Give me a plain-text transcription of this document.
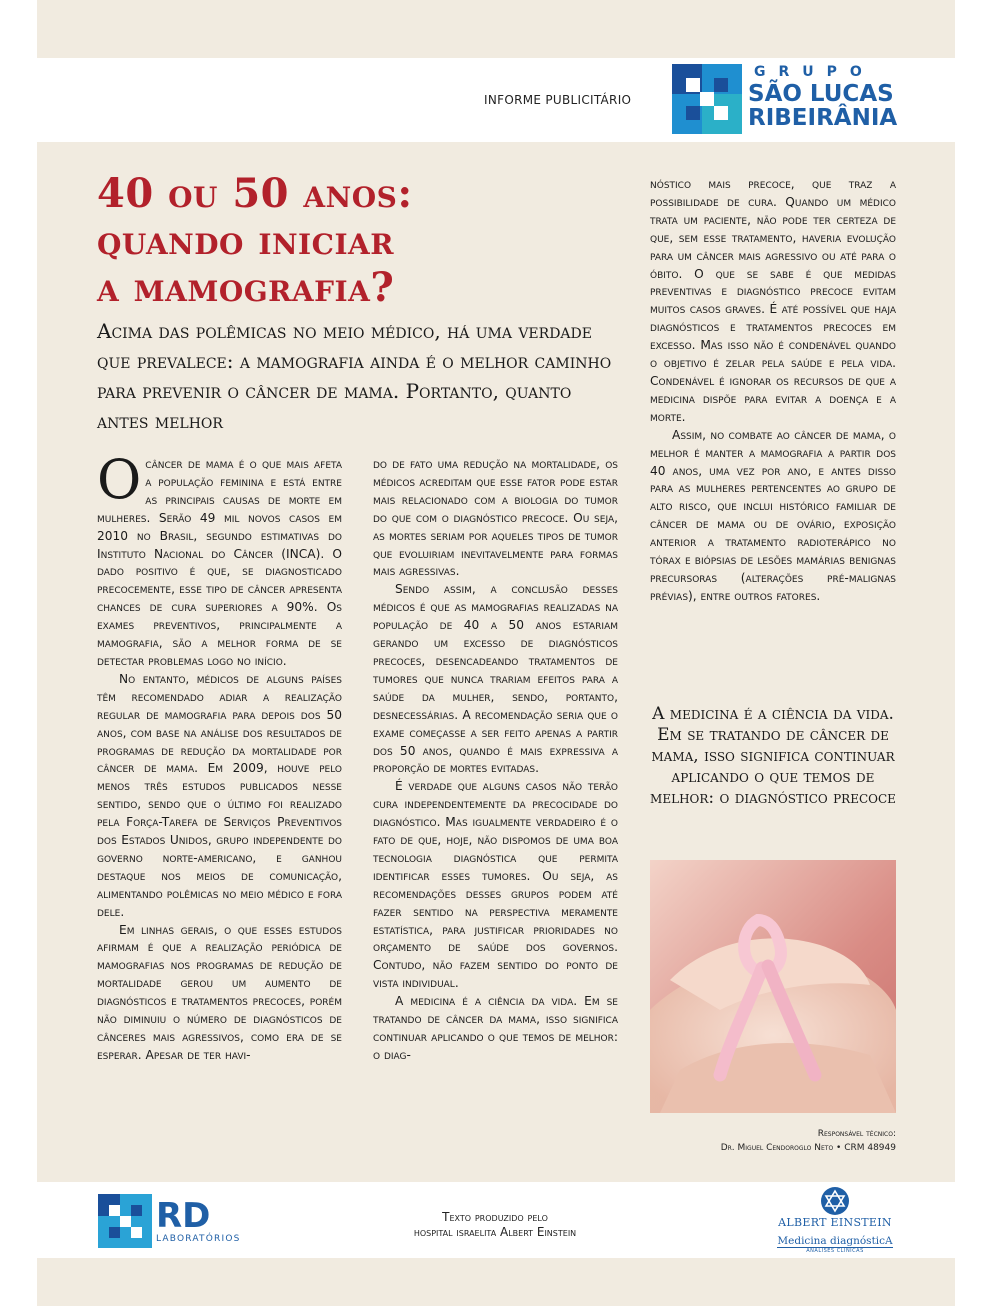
INFORME PUBLICITÁRIO
GRUPO
SÃO LUCAS
RIBEIRÂNIA
40 ou 50 anos:
quando iniciar
a mamografia?
Acima das polêmicas no meio médico, há uma verdade que prevalece: a mamografia ainda é o melhor caminho para prevenir o câncer de mama. Portanto, quanto antes melhor

Ocâncer de mama é o que mais afeta a população feminina e está entre as principais causas de morte em mulheres. Serão 49 mil novos casos em 2010 no Brasil, segundo estimativas do Instituto Nacional do Câncer (INCA). O dado positivo é que, se diagnosticado precocemente, esse tipo de câncer apresenta chances de cura superiores a 90%. Os exames preventivos, principalmente a mamografia, são a melhor forma de se detectar problemas logo no início.

No entanto, médicos de alguns países têm recomendado adiar a realização regular de mamografia para depois dos 50 anos, com base na análise dos resultados de programas de redução da mortalidade por câncer de mama. Em 2009, houve pelo menos três estudos publicados nesse sentido, sendo que o último foi realizado pela Força-Tarefa de Serviços Preventivos dos Estados Unidos, grupo independente do governo norte-americano, e ganhou destaque nos meios de comunicação, alimentando polêmicas no meio médico e fora dele.

Em linhas gerais, o que esses estudos afirmam é que a realização periódica de mamografias nos programas de redução de mortalidade gerou um aumento de diagnósticos e tratamentos precoces, porém não diminuiu o número de diagnósticos de cânceres mais agressivos, como era de se esperar. Apesar de ter havi-

do de fato uma redução na mortalidade, os médicos acreditam que esse fator pode estar mais relacionado com a biologia do tumor do que com o diagnóstico precoce. Ou seja, as mortes seriam por aqueles tipos de tumor que evoluiriam inevitavelmente para formas mais agressivas.

Sendo assim, a conclusão desses médicos é que as mamografias realizadas na população de 40 a 50 anos estariam gerando um excesso de diagnósticos precoces, desencadeando tratamentos de tumores que nunca trariam efeitos para a saúde da mulher, sendo, portanto, desnecessárias. A recomendação seria que o exame começasse a ser feito apenas a partir dos 50 anos, quando é mais expressiva a proporção de mortes evitadas.

É verdade que alguns casos não terão cura independentemente da precocidade do diagnóstico. Mas igualmente verdadeiro é o fato de que, hoje, não dispomos de uma boa tecnologia diagnóstica que permita identificar esses tumores. Ou seja, as recomendações desses grupos podem até fazer sentido na perspectiva meramente estatística, para justificar prioridades no orçamento de saúde dos governos. Contudo, não fazem sentido do ponto de vista individual.

A medicina é a ciência da vida. Em se tratando de câncer da mama, isso significa continuar aplicando o que temos de melhor: o diag-

nóstico mais precoce, que traz a possibilidade de cura. Quando um médico trata um paciente, não pode ter certeza de que, sem esse tratamento, haveria evolução para um câncer mais agressivo ou até para o óbito. O que se sabe é que medidas preventivas e diagnóstico precoce evitam muitos casos graves. É até possível que haja diagnósticos e tratamentos precoces em excesso. Mas isso não é condenável quando o objetivo é zelar pela saúde e pela vida. Condenável é ignorar os recursos de que a medicina dispõe para evitar a doença e a morte.

Assim, no combate ao câncer de mama, o melhor é manter a mamografia a partir dos 40 anos, uma vez por ano, e antes disso para as mulheres pertencentes ao grupo de alto risco, que inclui histórico familiar de câncer de mama ou de ovário, exposição anterior a tratamento radioterápico no tórax e biópsias de lesões mamárias benignas precursoras (alterações pré-malignas prévias), entre outros fatores.

A medicina é a ciência da vida. Em se tratando de câncer de mama, isso significa continuar aplicando o que temos de melhor: o diagnóstico precoce
Responsável técnico:
Dr. Miguel Cendoroglo Neto • CRM 48949
RD
LABORATÓRIOS
Texto produzido pelo
hospital israelita Albert Einstein
ALBERT EINSTEIN
Medicina diagnósticA
ANÁLISES CLÍNICAS
